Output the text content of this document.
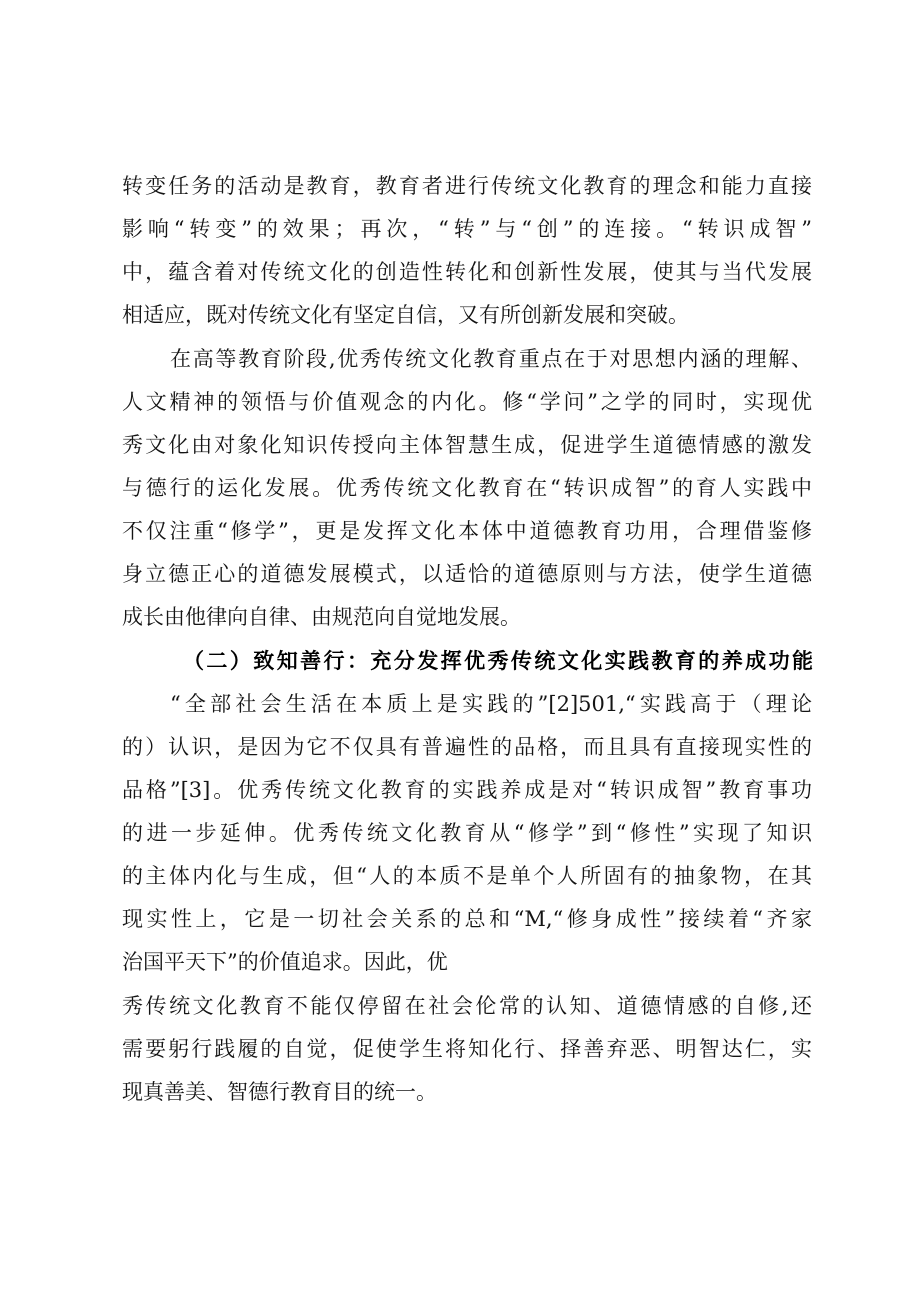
转变任务的活动是教育，教育者进行传统文化教育的理念和能力直接
影响“转变”的效果；再次，“转”与“创”的连接。“转识成智”
中，蕴含着对传统文化的创造性转化和创新性发展，使其与当代发展
相适应，既对传统文化有坚定自信，又有所创新发展和突破。
在高等教育阶段,优秀传统文化教育重点在于对思想内涵的理解、
人文精神的领悟与价值观念的内化。修“学问”之学的同时，实现优
秀文化由对象化知识传授向主体智慧生成，促进学生道德情感的激发
与德行的运化发展。优秀传统文化教育在“转识成智”的育人实践中
不仅注重“修学”，更是发挥文化本体中道德教育功用，合理借鉴修
身立德正心的道德发展模式，以适恰的道德原则与方法，使学生道德
成长由他律向自律、由规范向自觉地发展。
（二）致知善行：充分发挥优秀传统文化实践教育的养成功能
“全部社会生活在本质上是实践的”[2]501,“实践高于（理论
的）认识，是因为它不仅具有普遍性的品格，而且具有直接现实性的
品格”[3]。优秀传统文化教育的实践养成是对“转识成智”教育事功
的进一步延伸。优秀传统文化教育从“修学”到“修性”实现了知识
的主体内化与生成，但“人的本质不是单个人所固有的抽象物，在其
现实性上，它是一切社会关系的总和“M,“修身成性”接续着“齐家
治国平天下”的价值追求。因此，优
秀传统文化教育不能仅停留在社会伦常的认知、道德情感的自修,还
需要躬行践履的自觉，促使学生将知化行、择善弃恶、明智达仁，实
现真善美、智德行教育目的统一。
